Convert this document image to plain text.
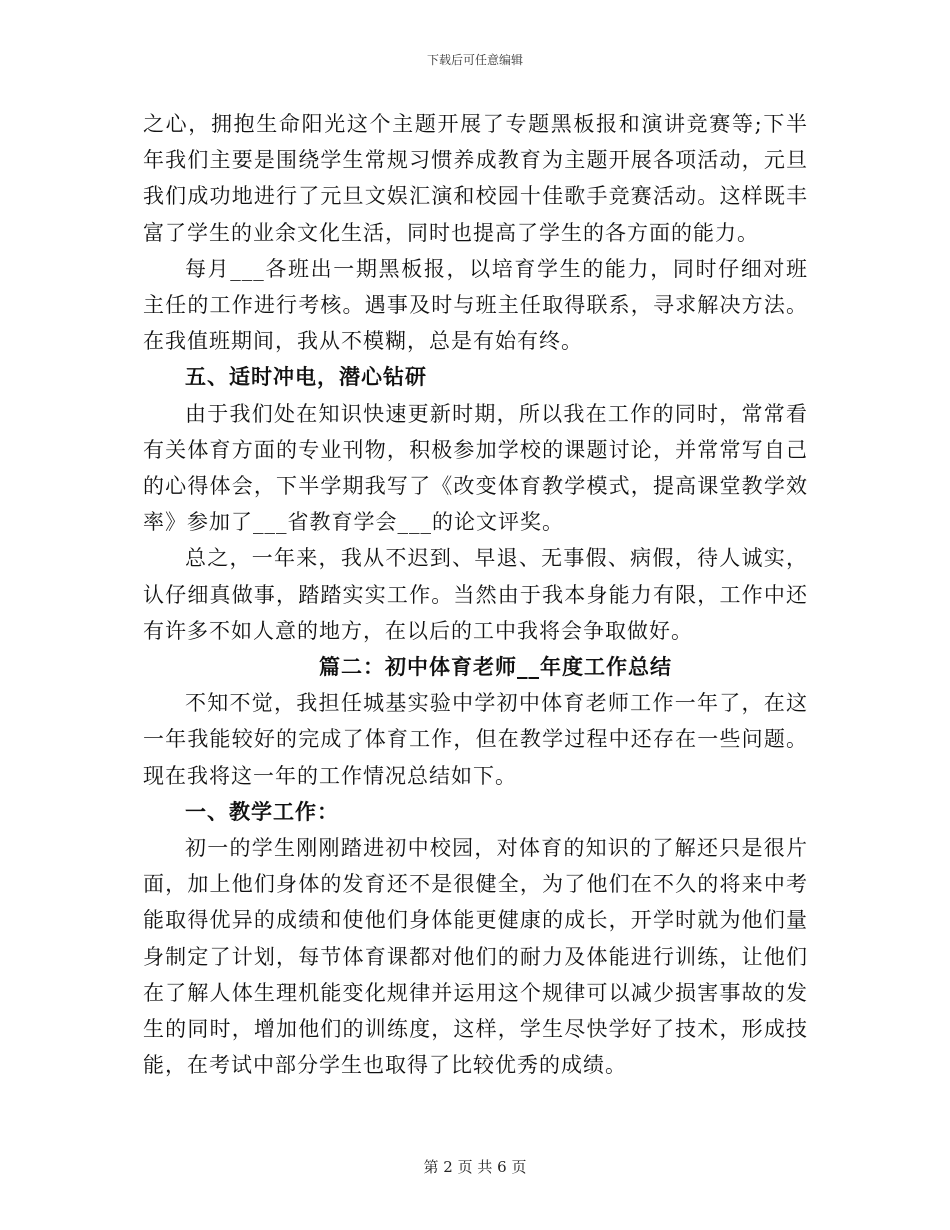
下载后可任意编辑

之心，拥抱生命阳光这个主题开展了专题黑板报和演讲竞赛等;下半年我们主要是围绕学生常规习惯养成教育为主题开展各项活动，元旦我们成功地进行了元旦文娱汇演和校园十佳歌手竞赛活动。这样既丰富了学生的业余文化生活，同时也提高了学生的各方面的能力。

每月___各班出一期黑板报，以培育学生的能力，同时仔细对班主任的工作进行考核。遇事及时与班主任取得联系，寻求解决方法。在我值班期间，我从不模糊，总是有始有终。

五、适时冲电，潜心钻研

由于我们处在知识快速更新时期，所以我在工作的同时，常常看有关体育方面的专业刊物，积极参加学校的课题讨论，并常常写自己的心得体会，下半学期我写了《改变体育教学模式，提高课堂教学效率》参加了___省教育学会___的论文评奖。

总之，一年来，我从不迟到、早退、无事假、病假，待人诚实，认仔细真做事，踏踏实实工作。当然由于我本身能力有限，工作中还有许多不如人意的地方，在以后的工中我将会争取做好。

篇二：初中体育老师__年度工作总结

不知不觉，我担任城基实验中学初中体育老师工作一年了，在这一年我能较好的完成了体育工作，但在教学过程中还存在一些问题。现在我将这一年的工作情况总结如下。

一、教学工作：

初一的学生刚刚踏进初中校园，对体育的知识的了解还只是很片面，加上他们身体的发育还不是很健全，为了他们在不久的将来中考能取得优异的成绩和使他们身体能更健康的成长，开学时就为他们量身制定了计划，每节体育课都对他们的耐力及体能进行训练，让他们在了解人体生理机能变化规律并运用这个规律可以减少损害事故的发生的同时，增加他们的训练度，这样，学生尽快学好了技术，形成技能，在考试中部分学生也取得了比较优秀的成绩。

第 2 页 共 6 页
